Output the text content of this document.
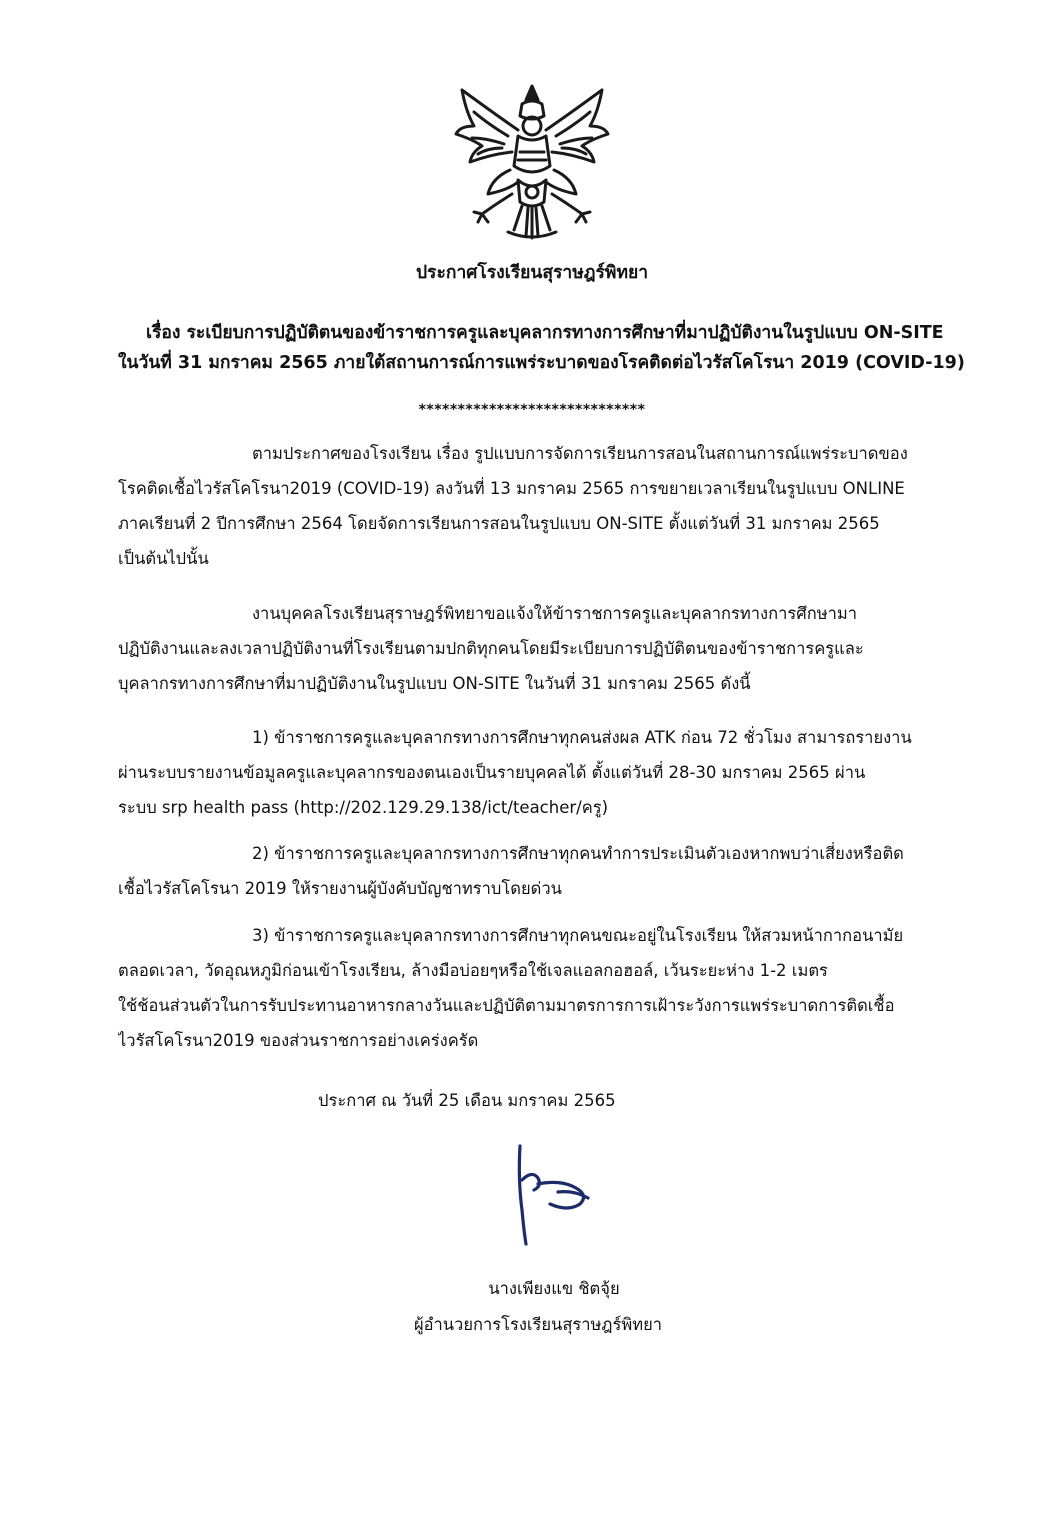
ประกาศโรงเรียนสุราษฎร์พิทยา
เรื่อง ระเบียบการปฏิบัติตนของข้าราชการครูและบุคลากรทางการศึกษาที่มาปฏิบัติงานในรูปแบบ ON-SITE
ในวันที่ 31 มกราคม 2565 ภายใต้สถานการณ์การแพร่ระบาดของโรคติดต่อไวรัสโคโรนา 2019 (COVID-19)
*****************************
ตามประกาศของโรงเรียน เรื่อง รูปแบบการจัดการเรียนการสอนในสถานการณ์แพร่ระบาดของ
โรคติดเชื้อไวรัสโคโรนา2019 (COVID-19) ลงวันที่ 13 มกราคม 2565 การขยายเวลาเรียนในรูปแบบ ONLINE
ภาคเรียนที่ 2 ปีการศึกษา 2564 โดยจัดการเรียนการสอนในรูปแบบ ON-SITE ตั้งแต่วันที่ 31 มกราคม 2565
เป็นต้นไปนั้น
งานบุคคลโรงเรียนสุราษฎร์พิทยาขอแจ้งให้ข้าราชการครูและบุคลากรทางการศึกษามา
ปฏิบัติงานและลงเวลาปฏิบัติงานที่โรงเรียนตามปกติทุกคนโดยมีระเบียบการปฏิบัติตนของข้าราชการครูและ
บุคลากรทางการศึกษาที่มาปฏิบัติงานในรูปแบบ ON-SITE ในวันที่ 31 มกราคม 2565 ดังนี้
1) ข้าราชการครูและบุคลากรทางการศึกษาทุกคนส่งผล ATK ก่อน 72 ชั่วโมง สามารถรายงาน
ผ่านระบบรายงานข้อมูลครูและบุคลากรของตนเองเป็นรายบุคคลได้ ตั้งแต่วันที่ 28-30 มกราคม 2565 ผ่าน
ระบบ srp health pass (http://202.129.29.138/ict/teacher/ครู)
2) ข้าราชการครูและบุคลากรทางการศึกษาทุกคนทำการประเมินตัวเองหากพบว่าเสี่ยงหรือติด
เชื้อไวรัสโคโรนา 2019 ให้รายงานผู้บังคับบัญชาทราบโดยด่วน
3) ข้าราชการครูและบุคลากรทางการศึกษาทุกคนขณะอยู่ในโรงเรียน ให้สวมหน้ากากอนามัย
ตลอดเวลา, วัดอุณหภูมิก่อนเข้าโรงเรียน, ล้างมือบ่อยๆหรือใช้เจลแอลกอฮอล์, เว้นระยะห่าง 1-2 เมตร
ใช้ช้อนส่วนตัวในการรับประทานอาหารกลางวันและปฏิบัติตามมาตรการการเฝ้าระวังการแพร่ระบาดการติดเชื้อ
ไวรัสโคโรนา2019 ของส่วนราชการอย่างเคร่งครัด
ประกาศ ณ วันที่ 25 เดือน มกราคม 2565
นางเพียงแข ชิตจุ้ย
ผู้อำนวยการโรงเรียนสุราษฎร์พิทยา
